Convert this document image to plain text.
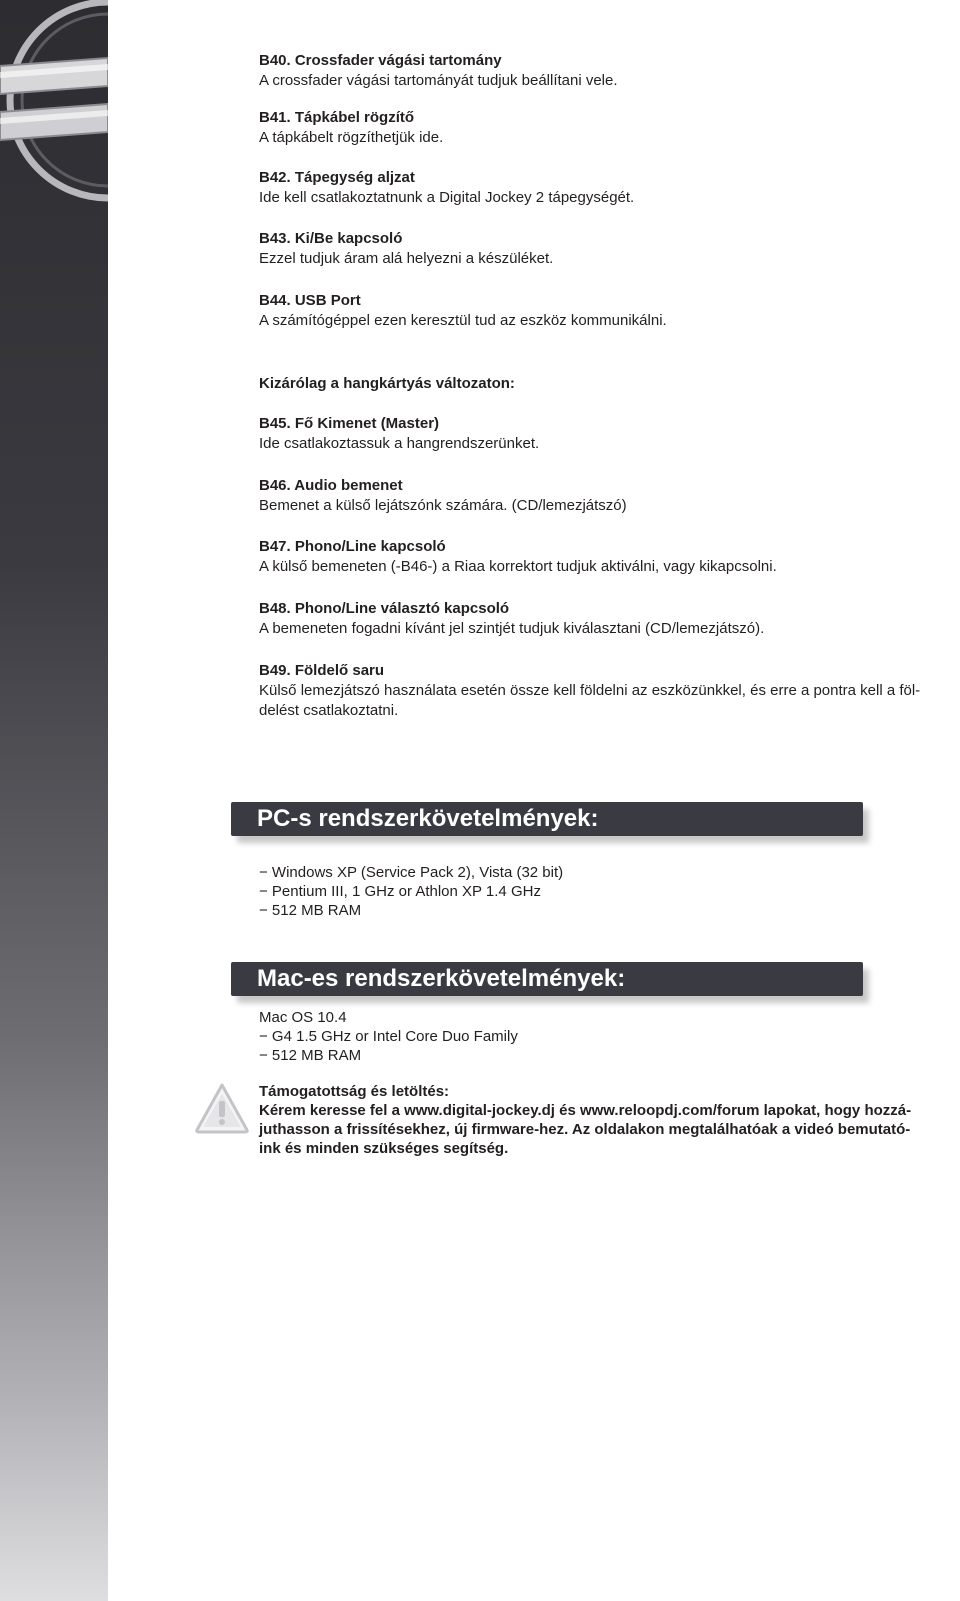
B40. Crossfader vágási tartomány
A crossfader vágási tartományát tudjuk beállítani vele.
B41. Tápkábel rögzítő
A tápkábelt rögzíthetjük ide.
B42. Tápegység aljzat
Ide kell csatlakoztatnunk a Digital Jockey 2 tápegységét.
B43. Ki/Be kapcsoló
Ezzel tudjuk áram alá helyezni a készüléket.
B44. USB Port
A számítógéppel ezen keresztül tud az eszköz kommunikálni.
Kizárólag a hangkártyás változaton:
B45. Fő Kimenet (Master)
Ide csatlakoztassuk a hangrendszerünket.
B46. Audio bemenet
Bemenet a külső lejátszónk számára. (CD/lemezjátszó)
B47. Phono/Line kapcsoló
A külső bemeneten (-B46-) a Riaa korrektort tudjuk aktiválni, vagy kikapcsolni.
B48. Phono/Line választó kapcsoló
A bemeneten fogadni kívánt jel szintjét tudjuk kiválasztani (CD/lemezjátszó).
B49. Földelő saru
Külső lemezjátszó használata esetén össze kell földelni az eszközünkkel, és erre a pontra kell a föl-
delést csatlakoztatni.
PC-s rendszerkövetelmények:
− Windows XP (Service Pack 2), Vista (32 bit)
− Pentium III, 1 GHz or Athlon XP 1.4 GHz
− 512 MB RAM
Mac-es rendszerkövetelmények:
Mac OS 10.4
− G4 1.5 GHz or Intel Core Duo Family
− 512 MB RAM
Támogatottság és letöltés:
Kérem keresse fel a www.digital-jockey.dj és www.reloopdj.com/forum lapokat, hogy hozzá-
juthasson a frissítésekhez, új firmware-hez. Az oldalakon megtalálhatóak a videó bemutató-
ink és minden szükséges segítség.
